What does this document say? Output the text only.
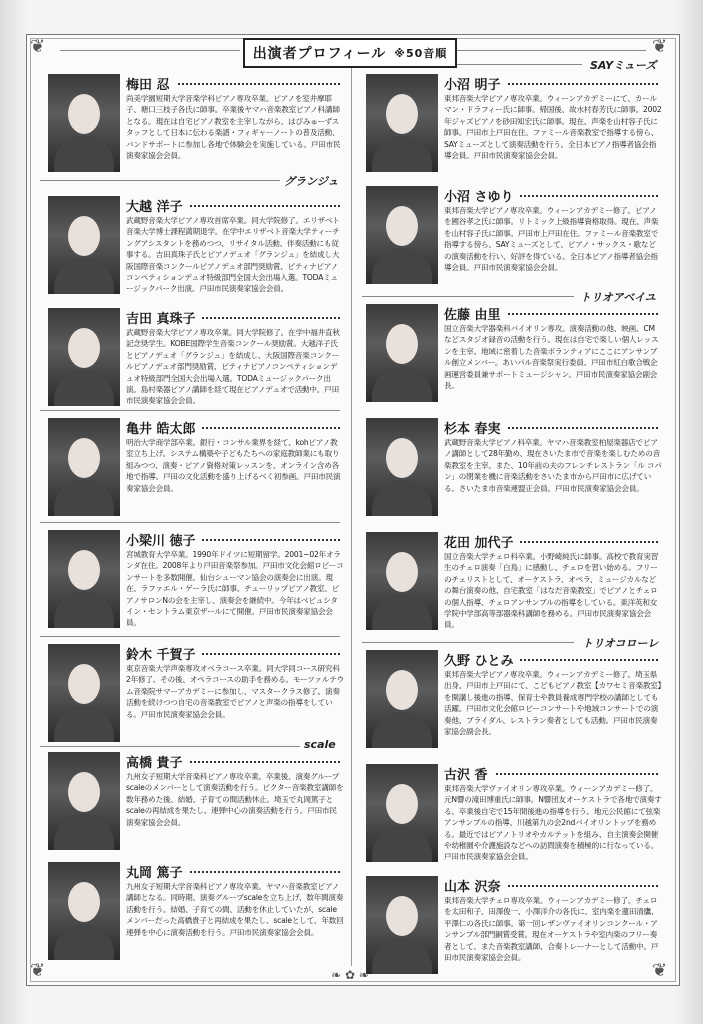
❦	❦
❦	❦
出演者プロフィール ※50音順
梅田 忍
尚美学園短期大学音楽学科ピアノ専攻卒業。ピアノを室井摩耶子、塘口三枝子各氏に師事。卒業後ヤマハ音楽教室ピアノ科講師となる。現在は自宅ピアノ教室を主宰しながら、はぴみゅーずスタッフとして日本に伝わる楽譜・フィギャーノートの普及活動、バンドサポートに参加し各地で体験会を実施している。戸田市民演奏家協会会員。
グランジュ
大越 洋子
武蔵野音楽大学ピアノ専攻首席卒業。同大学院修了。エリザベト音楽大学博士課程満期退学。在学中エリザベト音楽大学ティーチングアシスタントを務めつつ、リサイタル活動、伴奏活動にも従事する。吉田真珠子氏とピアノデュオ「グランジュ」を結成し大阪国際音楽コンクールピアノデュオ部門奨励賞、ピティナピアノコンペティションデュオ特級部門全国大会出場入選。TODAミュージックパーク出演。戸田市民演奏家協会会員。
吉田 真珠子
武蔵野音楽大学ピアノ専攻卒業。同大学院修了。在学中福井直秋記念奨学生。KOBE国際学生音楽コンクール奨励賞。大越洋子氏とピアノデュオ「グランジュ」を結成し、大阪国際音楽コンクールピアノデュオ部門奨励賞、ピティナピアノコンペティションデュオ特級部門全国大会出場入選。TODAミュージックパーク出演。島村楽器ピアノ講師を経て現在ピアノデュオで活動中。戸田市民演奏家協会会員。
亀井 皓太郎
明治大学商学部卒業。銀行・コンサル業界を経て、kohピアノ教室立ち上げ。システム構築や子どもたちへの家庭教師業にも取り組みつつ、演奏・ピアノ資格対策レッスンを、オンライン含め各地で指導。戸田の文化活動を盛り上げるべく初参画。戸田市民演奏家協会会員。
小梁川 徳子
宮城教育大学卒業。1990年ドイツに短期留学。2001~02年オランダ在住。2008年より戸田音楽祭参加。戸田市文化会館ロビーコンサートを多数開催。仙台シューマン協会の演奏会に出演。現在、ラファエル・ゲーラ氏に師事。チューリップピアノ教室、ピアノサロンNの会を主宰し、演奏会を継続中。今年はベビュシタイン・セントラム東京ザールにて開催。戸田市民演奏家協会会員。
鈴木 千賀子
東京音楽大学声楽専攻オペラコース卒業。同大学同コース研究科2年修了。その後、オペラコースの助手を務める。モーツァルテウム音楽院サマーアカデミーに参加し、マスタークラス修了。演奏活動を続けつつ自宅の音楽教室でピアノと声楽の指導をしている。戸田市民演奏家協会会員。
scale
高橋 貴子
九州女子短期大学音楽科ピアノ専攻卒業。卒業後、演奏グループscaleのメンバーとして演奏活動を行う。ピクター音楽教室講師を数年務めた後、結婚、子育ての間活動休止。埼玉で丸岡篤子とscaleの再結成を果たし、連弾中心の演奏活動を行う。戸田市民演奏家協会会員。
丸岡 篤子
九州女子短期大学音楽科ピアノ専攻卒業。ヤマハ音楽教室ピアノ講師となる。同時期、演奏グループscaleを立ち上げ、数年間演奏活動を行う。結婚、子育ての間、活動を休止していたが、scaleメンバーだった高橋貴子と再結成を果たし、scaleとして、年数回連弾を中心に演奏活動を行う。戸田市民演奏家協会会員。
SAYミューズ
小沼 明子
東邦音楽大学ピアノ専攻卒業。ウィーンアカデミーにて、カールマン・ドラフィー氏に師事。帰国後、故水村春芳氏に師事。2002年ジャズピアノを砂田知宏氏に師事。現在、声楽を山村容子氏に師事。戸田市上戸田在住。ファミール音楽教室で指導する傍ら、SAYミューズとして演奏活動を行う。全日本ピアノ指導者協会指導会員。戸田市民演奏家協会会員。
小沼 さゆり
東邦音楽大学ピアノ専攻卒業。ウィーンアカデミー修了。ピアノを國谷孝之氏に師事。リトミック上級指導資格取得。現在、声楽を山村容子氏に師事。戸田市上戸田在住。ファミール音楽教室で指導する傍ら、SAYミューズとして、ピアノ・サックス・歌などの演奏活動を行い、好評を得ている。全日本ピアノ指導者協会指導会員。戸田市民演奏家協会会員。
トリオアベイユ
佐藤 由里
国立音楽大学器楽科バイオリン専攻。演奏活動の他、映画、CMなどスタジオ録音の活動を行う。現在は自宅で楽しい個人レッスンを主宰。地域に密着した音楽ボランティアにここにアンサンブル創立メンバー。あいパル音楽祭実行委員、戸田市紅白歌合戦企画運営委員兼サポートミュージシャン。戸田市民演奏家協会副会長。
杉本 春実
武蔵野音楽大学ピアノ科卒業。ヤマハ音楽教室柏屋楽器店でピアノ講師として28年勤め、現在さいたま市で音楽を楽しむための音楽教室を主宰。また、10年前の夫のフレンチレストラン「ル コパン」の閉業を機に音楽活動をさいたま市から戸田市に広げている。さいたま市音楽連盟正会員。戸田市民演奏家協会会員。
花田 加代子
国立音楽大学チェロ科卒業。小野崎純氏に師事。高校で教育実習生のチェロ演奏「白鳥」に感動し、チェロを習い始める。フリーのチェリストとして、オーケストラ、オペラ、ミュージカルなどの舞台演奏の他、自宅教室「はなだ音楽教室」でピアノとチェロの個人指導、チェロアンサンブルの指導をしている。東洋英和女学院中学部高等部器楽科講師を務める。戸田市民演奏家協会会員。
トリオコローレ
久野 ひとみ
東邦音楽大学ピアノ専攻卒業。ウィーンアカデミー修了。埼玉県出身。戸田市上戸田にて、こどもピアノ教室【カワセミ音楽教室】を開講し後進の指導、保育士や教員養成専門学校の講師としても活躍。戸田市文化会館ロビーコンサートや地域コンサートでの演奏他、ブライダル、レストラン奏者としても活動。戸田市民演奏家協会副会長。
古沢 香
東邦音楽大学ヴァイオリン専攻卒業。ウィーンアカデミー修了。元N響の滝田博重氏に師事。N響団友オーケストラで各地で演奏する。卒業後自宅で15年間後進の指導を行う。地元公民館にて弦楽アンサンブルの指導、川越第九の会2ndバイオリントップを務める。最近ではピアノトリオやカルテットを組み、自主演奏会開催や幼稚園や介護施設などへの訪問演奏を積極的に行なっている。戸田市民演奏家協会会員。
山本 沢奈
東邦音楽大学チェロ専攻卒業。ウィーンアカデミー修了。チェロを太田和子、田澤俊一、小澤洋介の各氏に、室内楽を蓮田清鷹、平澤仁の各氏に師事。第一回レザンヴァイオリンコンクール・アンサンブル部門銅賞受賞。現在オーケストラや室内楽のフリー奏者として、また音楽教室講師、合奏トレーナーとして活動中。戸田市民演奏家協会会員。
❧ ✿ ❧
